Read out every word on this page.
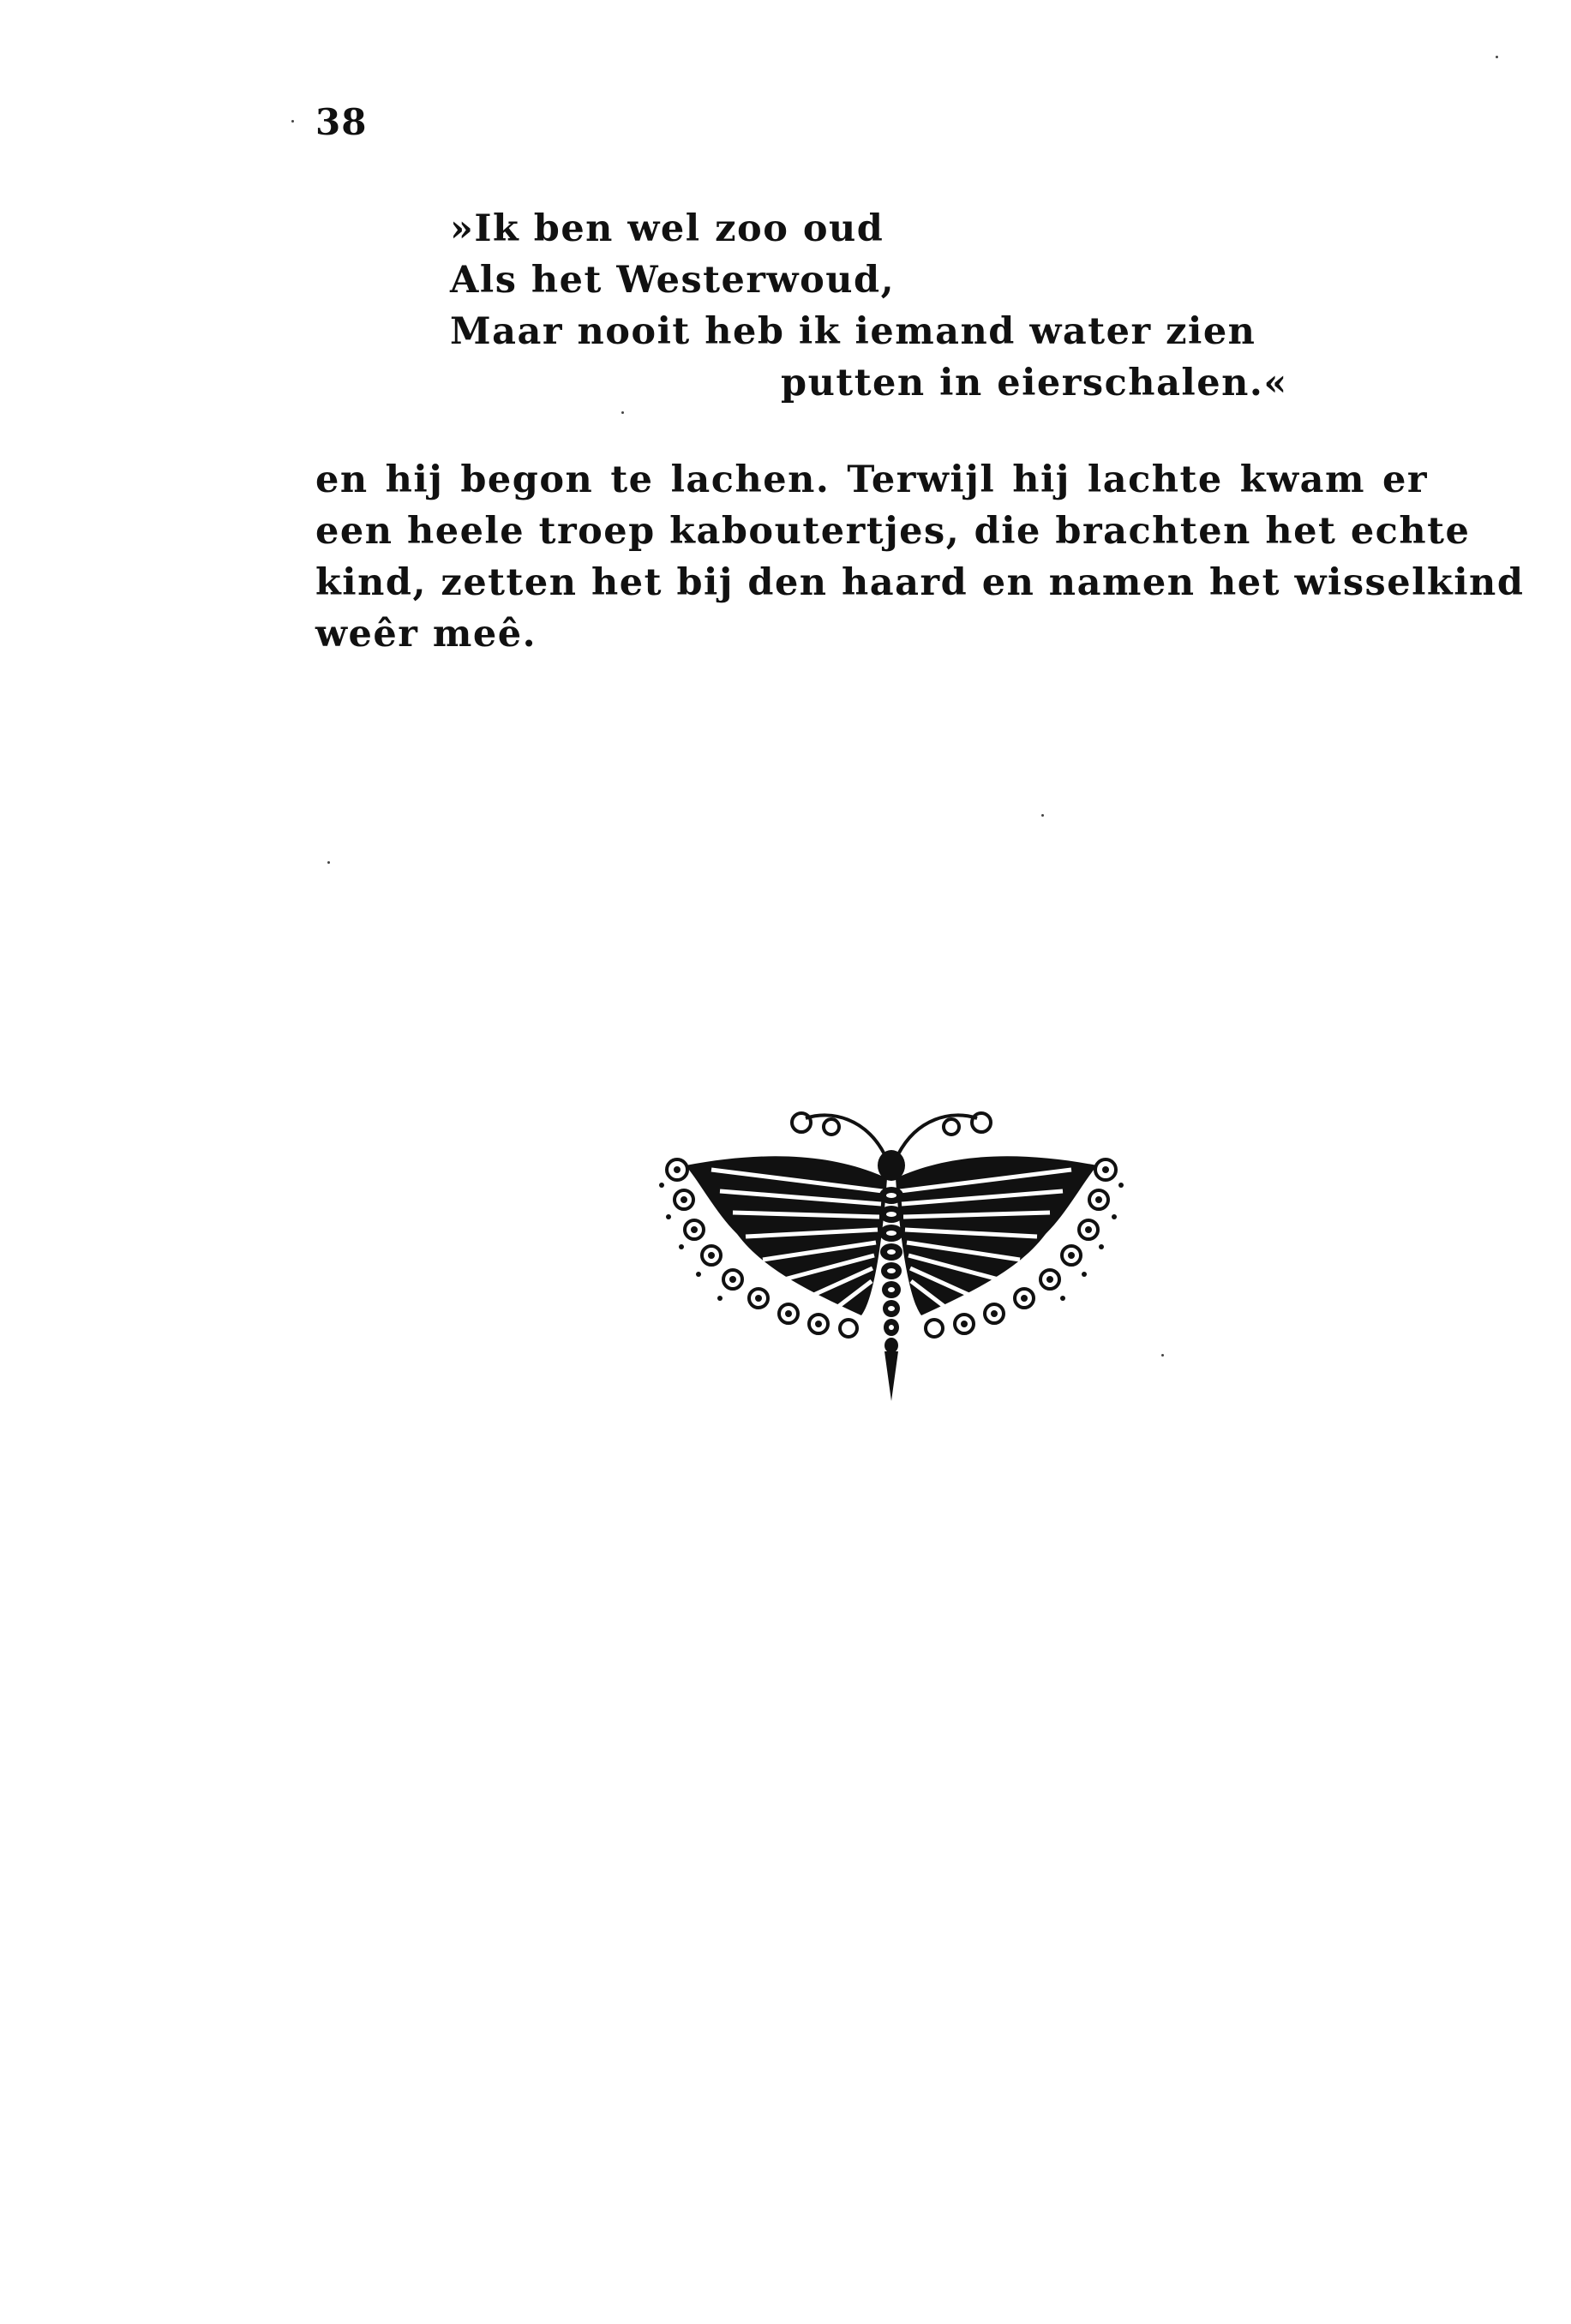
38
»Ik ben wel zoo oud
Als het Westerwoud,
Maar nooit heb ik iemand water zien
putten in eierschalen.«
en hij begon te lachen. Terwijl hij lachte kwam er
een heele troep kaboutertjes, die brachten het echte
kind, zetten het bij den haard en namen het wisselkind
weêr meê.
